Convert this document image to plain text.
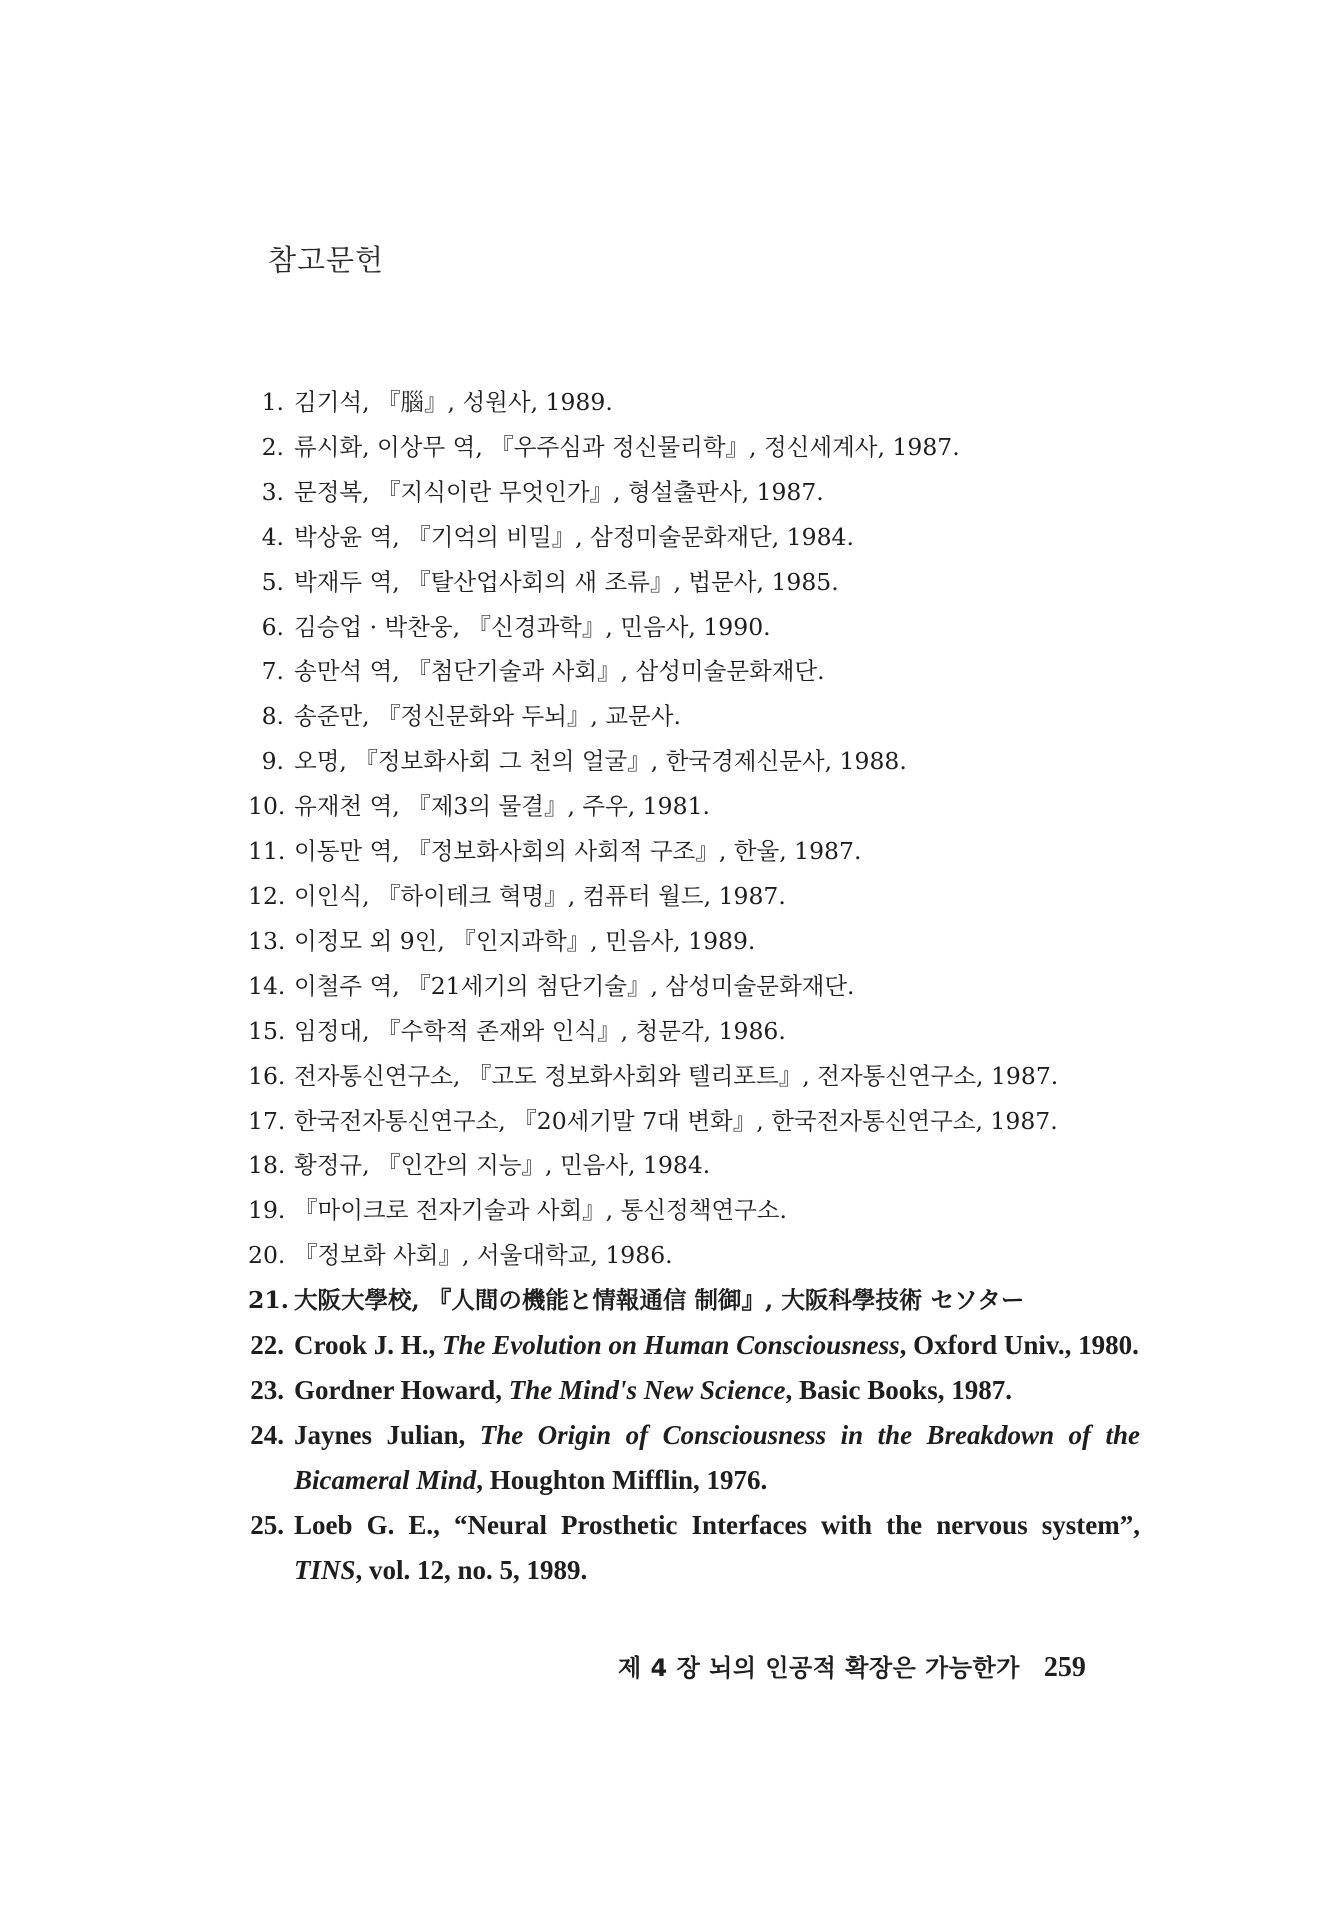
참고문헌
1. 김기석, 『腦』, 성원사, 1989.
2. 류시화, 이상무 역, 『우주심과 정신물리학』, 정신세계사, 1987.
3. 문정복, 『지식이란 무엇인가』, 형설출판사, 1987.
4. 박상윤 역, 『기억의 비밀』, 삼정미술문화재단, 1984.
5. 박재두 역, 『탈산업사회의 새 조류』, 법문사, 1985.
6. 김승업 · 박찬웅, 『신경과학』, 민음사, 1990.
7. 송만석 역, 『첨단기술과 사회』, 삼성미술문화재단.
8. 송준만, 『정신문화와 두뇌』, 교문사.
9. 오명, 『정보화사회 그 천의 얼굴』, 한국경제신문사, 1988.
10. 유재천 역, 『제3의 물결』, 주우, 1981.
11. 이동만 역, 『정보화사회의 사회적 구조』, 한울, 1987.
12. 이인식, 『하이테크 혁명』, 컴퓨터 월드, 1987.
13. 이정모 외 9인, 『인지과학』, 민음사, 1989.
14. 이철주 역, 『21세기의 첨단기술』, 삼성미술문화재단.
15. 임정대, 『수학적 존재와 인식』, 청문각, 1986.
16. 전자통신연구소, 『고도 정보화사회와 텔리포트』, 전자통신연구소, 1987.
17. 한국전자통신연구소, 『20세기말 7대 변화』, 한국전자통신연구소, 1987.
18. 황정규, 『인간의 지능』, 민음사, 1984.
19. 『마이크로 전자기술과 사회』, 통신정책연구소.
20. 『정보화 사회』, 서울대학교, 1986.
21. 大阪大學校, 『人間の機能と情報通信 制御』, 大阪科學技術 セソター
22. Crook J. H., The Evolution on Human Consciousness, Oxford Univ., 1980.
23. Gordner Howard, The Mind's New Science, Basic Books, 1987.
24. Jaynes Julian, The Origin of Consciousness in the Breakdown of the Bicameral Mind, Houghton Mifflin, 1976.
25. Loeb G. E., “Neural Prosthetic Interfaces with the nervous system”, TINS, vol. 12, no. 5, 1989.
제 4 장 뇌의 인공적 확장은 가능한가 259
